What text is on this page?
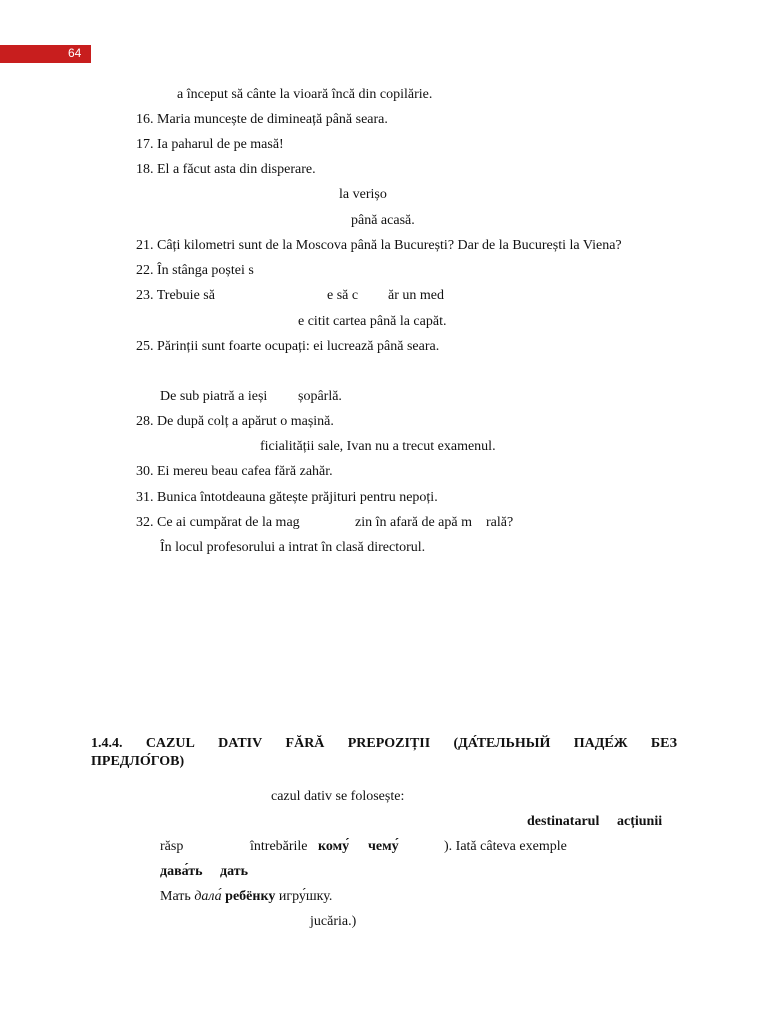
64
a început să cânte la vioară încă din copilărie.
16. Maria muncește de dimineață până seara.
17. Ia paharul de pe masă!
18. El a făcut asta din disperare.
la verișo
până acasă.
21. Câți kilometri sunt de la Moscova până la București? Dar de la București la Viena?
22. În stânga poștei s
23. Trebuie să	e să c ăr un med
e citit cartea până la capăt.
25. Părinții sunt foarte ocupați: ei lucrează până seara.
De sub piatră a ieși șopârlă.
28. De după colț a apărut o mașină.
ficialității sale, Ivan nu a trecut examenul.
30. Ei mereu beau cafea fără zahăr.
31. Bunica întotdeauna gătește prăjituri pentru nepoți.
32. Ce ai cumpărat de la mag	zin în afară de apă m rală?
În locul profesorului a intrat în clasă directorul.
1.4.4. CAZUL DATIV FĂRĂ PREPOZIȚII (ДА́ТЕЛЬНЫЙ ПАДЕ́Ж БЕЗ
ПРЕДЛО́ГОВ)
cazul dativ se folosește:
destinatarul acțiunii
răsp	întrebările кому́ чему́	). Iată câteva exemple
дава́ть дать
Мать дала́ ребёнку игру́шку.
jucăria.)
